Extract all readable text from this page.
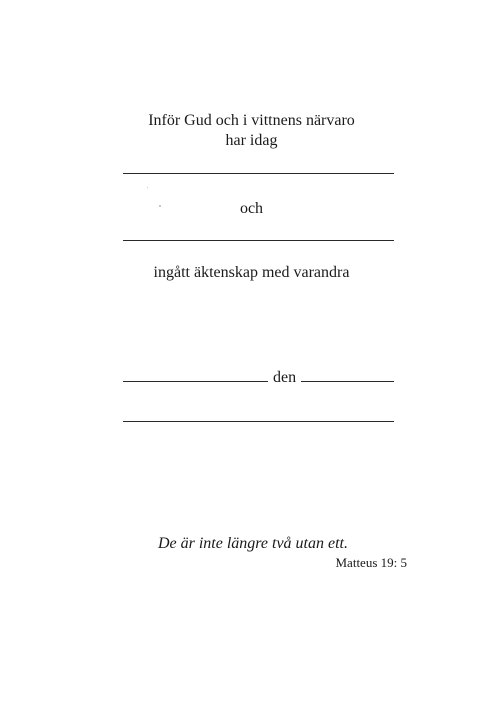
Inför Gud och i vittnens närvaro
har idag
och
ingått äktenskap med varandra
den
De är inte längre två utan ett.
Matteus 19: 5
